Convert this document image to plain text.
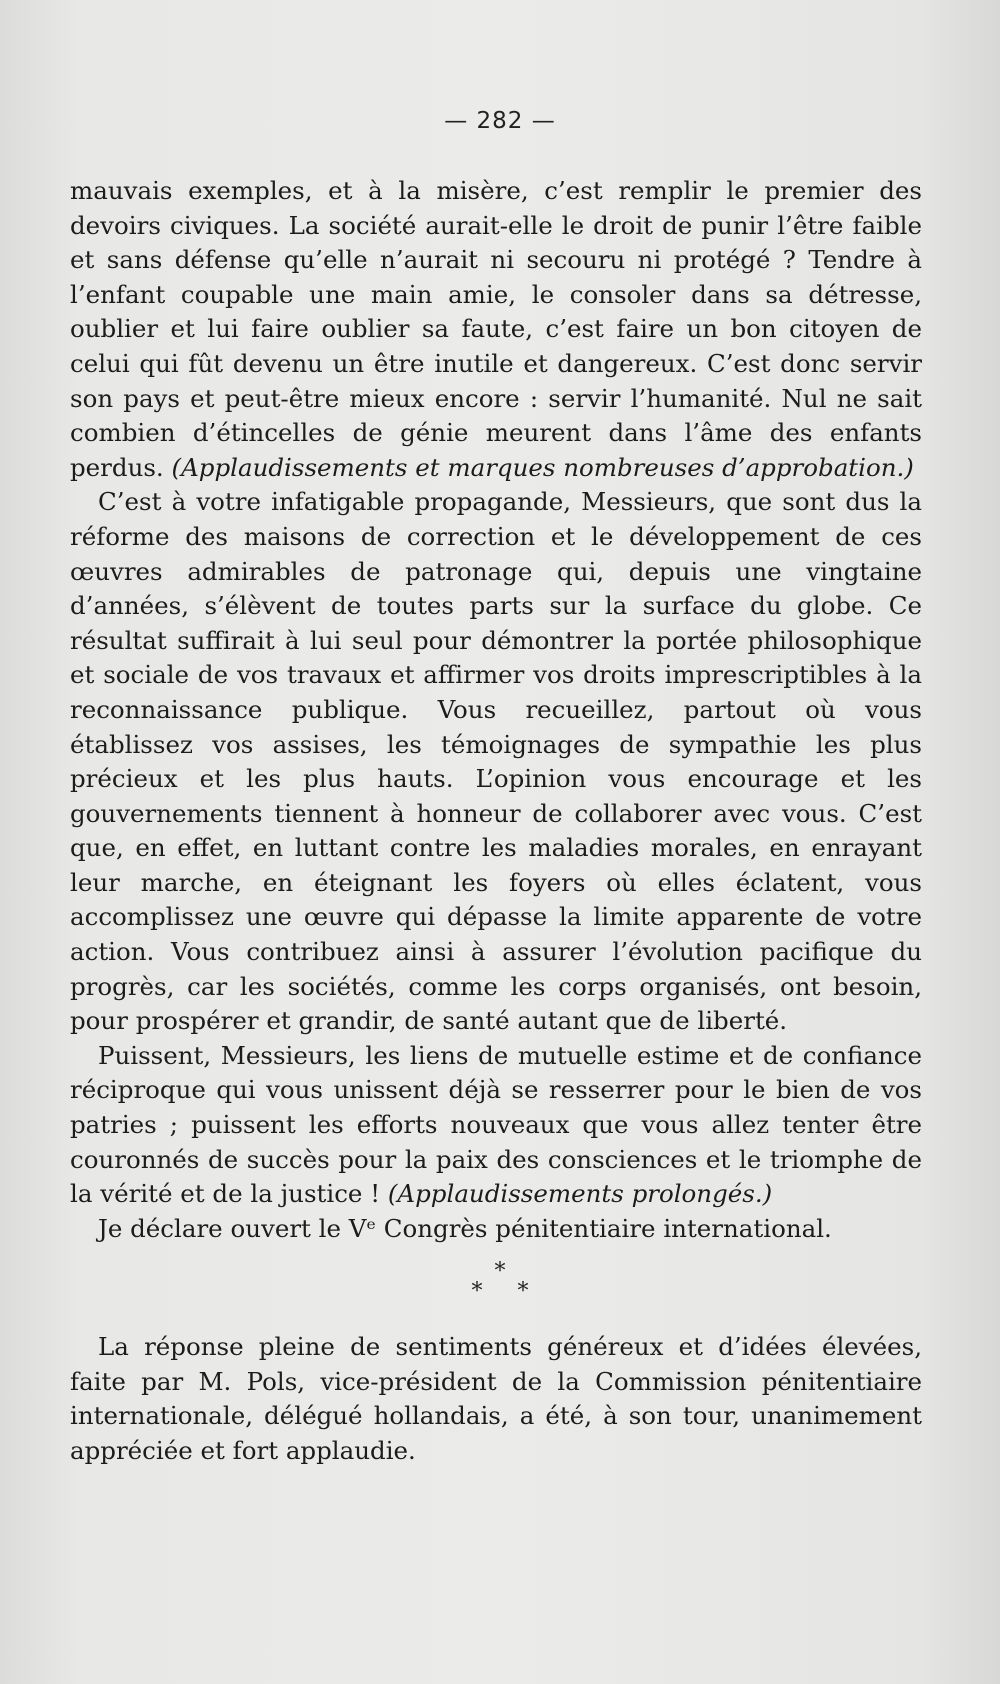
— 282 —

mauvais exemples, et à la misère, c’est remplir le premier des devoirs civiques. La société aurait-elle le droit de punir l’être faible et sans défense qu’elle n’aurait ni secouru ni protégé ? Tendre à l’enfant coupable une main amie, le consoler dans sa détresse, oublier et lui faire oublier sa faute, c’est faire un bon citoyen de celui qui fût devenu un être inutile et dangereux. C’est donc servir son pays et peut-être mieux encore : servir l’humanité. Nul ne sait combien d’étincelles de génie meurent dans l’âme des enfants perdus. (Applaudissements et marques nombreuses d’approbation.)

C’est à votre infatigable propagande, Messieurs, que sont dus la réforme des maisons de correction et le développement de ces œuvres admirables de patronage qui, depuis une vingtaine d’années, s’élèvent de toutes parts sur la surface du globe. Ce résultat suffirait à lui seul pour démontrer la portée philosophique et sociale de vos travaux et affirmer vos droits imprescriptibles à la reconnaissance publique. Vous recueillez, partout où vous établissez vos assises, les témoignages de sympathie les plus précieux et les plus hauts. L’opinion vous encourage et les gouvernements tiennent à honneur de collaborer avec vous. C’est que, en effet, en luttant contre les maladies morales, en enrayant leur marche, en éteignant les foyers où elles éclatent, vous accomplissez une œuvre qui dépasse la limite apparente de votre action. Vous contribuez ainsi à assurer l’évolution pacifique du progrès, car les sociétés, comme les corps organisés, ont besoin, pour prospérer et grandir, de santé autant que de liberté.

Puissent, Messieurs, les liens de mutuelle estime et de confiance réciproque qui vous unissent déjà se resserrer pour le bien de vos patries ; puissent les efforts nouveaux que vous allez tenter être couronnés de succès pour la paix des consciences et le triomphe de la vérité et de la justice ! (Applaudissements prolongés.)

Je déclare ouvert le Vᵉ Congrès pénitentiaire international.

*
* *

La réponse pleine de sentiments généreux et d’idées élevées, faite par M. Pols, vice-président de la Commission pénitentiaire internationale, délégué hollandais, a été, à son tour, unanimement appréciée et fort applaudie.
